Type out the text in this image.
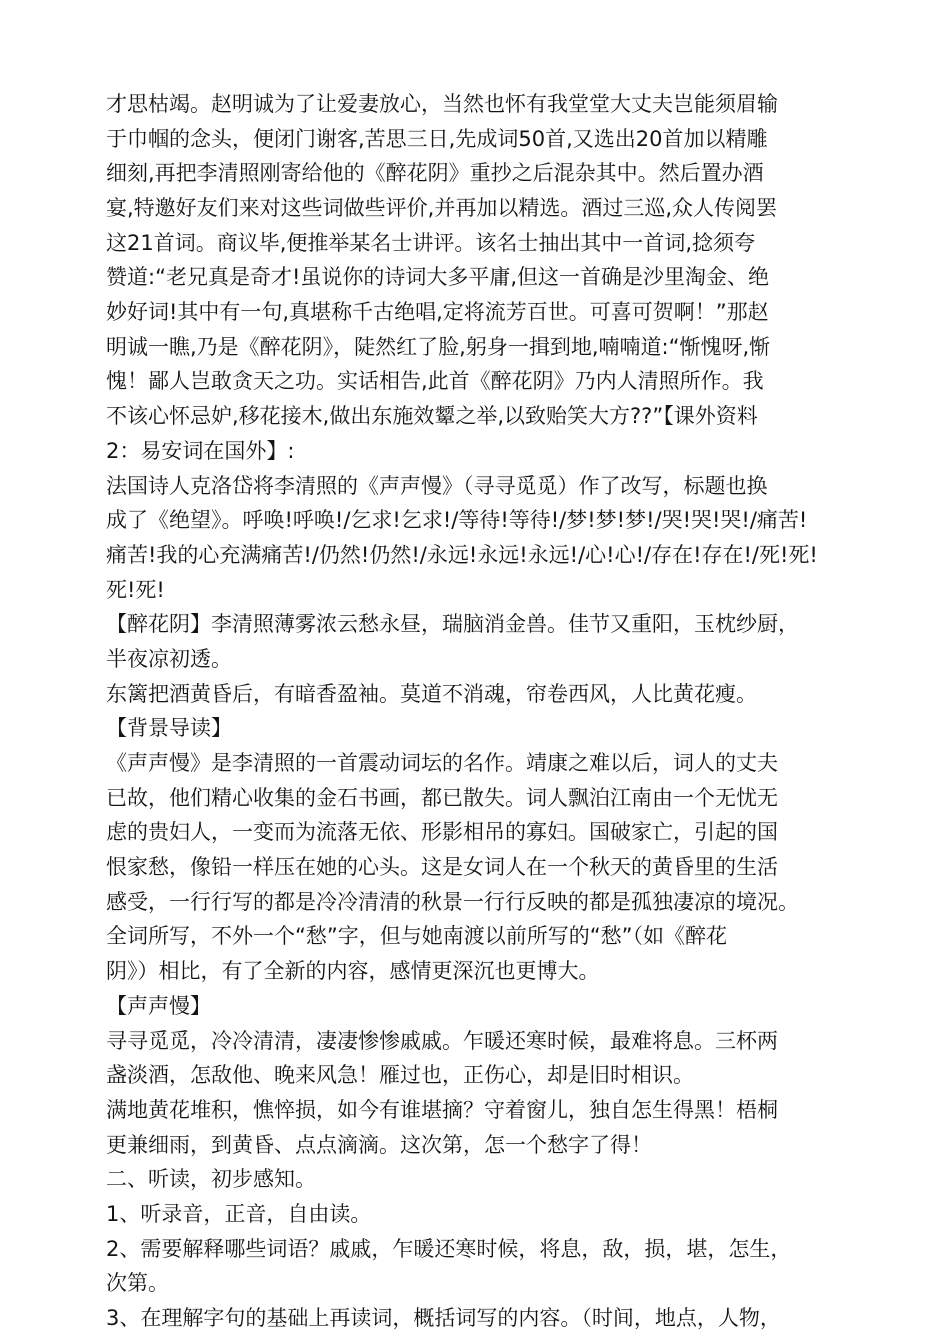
才思枯竭。赵明诚为了让爱妻放心，当然也怀有我堂堂大丈夫岂能须眉输
于巾帼的念头，便闭门谢客,苦思三日,先成词50首,又选出20首加以精雕
细刻,再把李清照刚寄给他的《醉花阴》重抄之后混杂其中。然后置办酒
宴,特邀好友们来对这些词做些评价,并再加以精选。酒过三巡,众人传阅罢
这21首词。商议毕,便推举某名士讲评。该名士抽出其中一首词,捻须夸
赞道:“老兄真是奇才!虽说你的诗词大多平庸,但这一首确是沙里淘金、绝
妙好词!其中有一句,真堪称千古绝唱,定将流芳百世。可喜可贺啊！”那赵
明诚一瞧,乃是《醉花阴》，陡然红了脸,躬身一揖到地,喃喃道:“惭愧呀,惭
愧！鄙人岂敢贪天之功。实话相告,此首《醉花阴》乃内人清照所作。我
不该心怀忌妒,移花接木,做出东施效颦之举,以致贻笑大方??”【课外资料
2：易安词在国外】:
法国诗人克洛岱将李清照的《声声慢》（寻寻觅觅）作了改写，标题也换
成了《绝望》。呼唤!呼唤!/乞求!乞求!/等待!等待!/梦!梦!梦!/哭!哭!哭!/痛苦!
痛苦!我的心充满痛苦!/仍然!仍然!/永远!永远!永远!/心!心!/存在!存在!/死!死!
死!死!
【醉花阴】李清照薄雾浓云愁永昼，瑞脑消金兽。佳节又重阳，玉枕纱厨，
半夜凉初透。
东篱把酒黄昏后，有暗香盈袖。莫道不消魂，帘卷西风，人比黄花瘦。
【背景导读】
《声声慢》是李清照的一首震动词坛的名作。靖康之难以后，词人的丈夫
已故，他们精心收集的金石书画，都已散失。词人飘泊江南由一个无忧无
虑的贵妇人，一变而为流落无依、形影相吊的寡妇。国破家亡，引起的国
恨家愁，像铅一样压在她的心头。这是女词人在一个秋天的黄昏里的生活
感受，一行行写的都是冷冷清清的秋景一行行反映的都是孤独凄凉的境况。
全词所写，不外一个“愁”字，但与她南渡以前所写的“愁”（如《醉花
阴》）相比，有了全新的内容，感情更深沉也更博大。
【声声慢】
寻寻觅觅，冷冷清清，凄凄惨惨戚戚。乍暖还寒时候，最难将息。三杯两
盏淡酒，怎敌他、晚来风急！雁过也，正伤心，却是旧时相识。
满地黄花堆积，憔悴损，如今有谁堪摘？守着窗儿，独自怎生得黑！梧桐
更兼细雨，到黄昏、点点滴滴。这次第，怎一个愁字了得！
二、听读，初步感知。
1、听录音，正音，自由读。
2、需要解释哪些词语？戚戚，乍暖还寒时候，将息，敌，损，堪，怎生，
次第。
3、在理解字句的基础上再读词，概括词写的内容。（时间，地点，人物，
